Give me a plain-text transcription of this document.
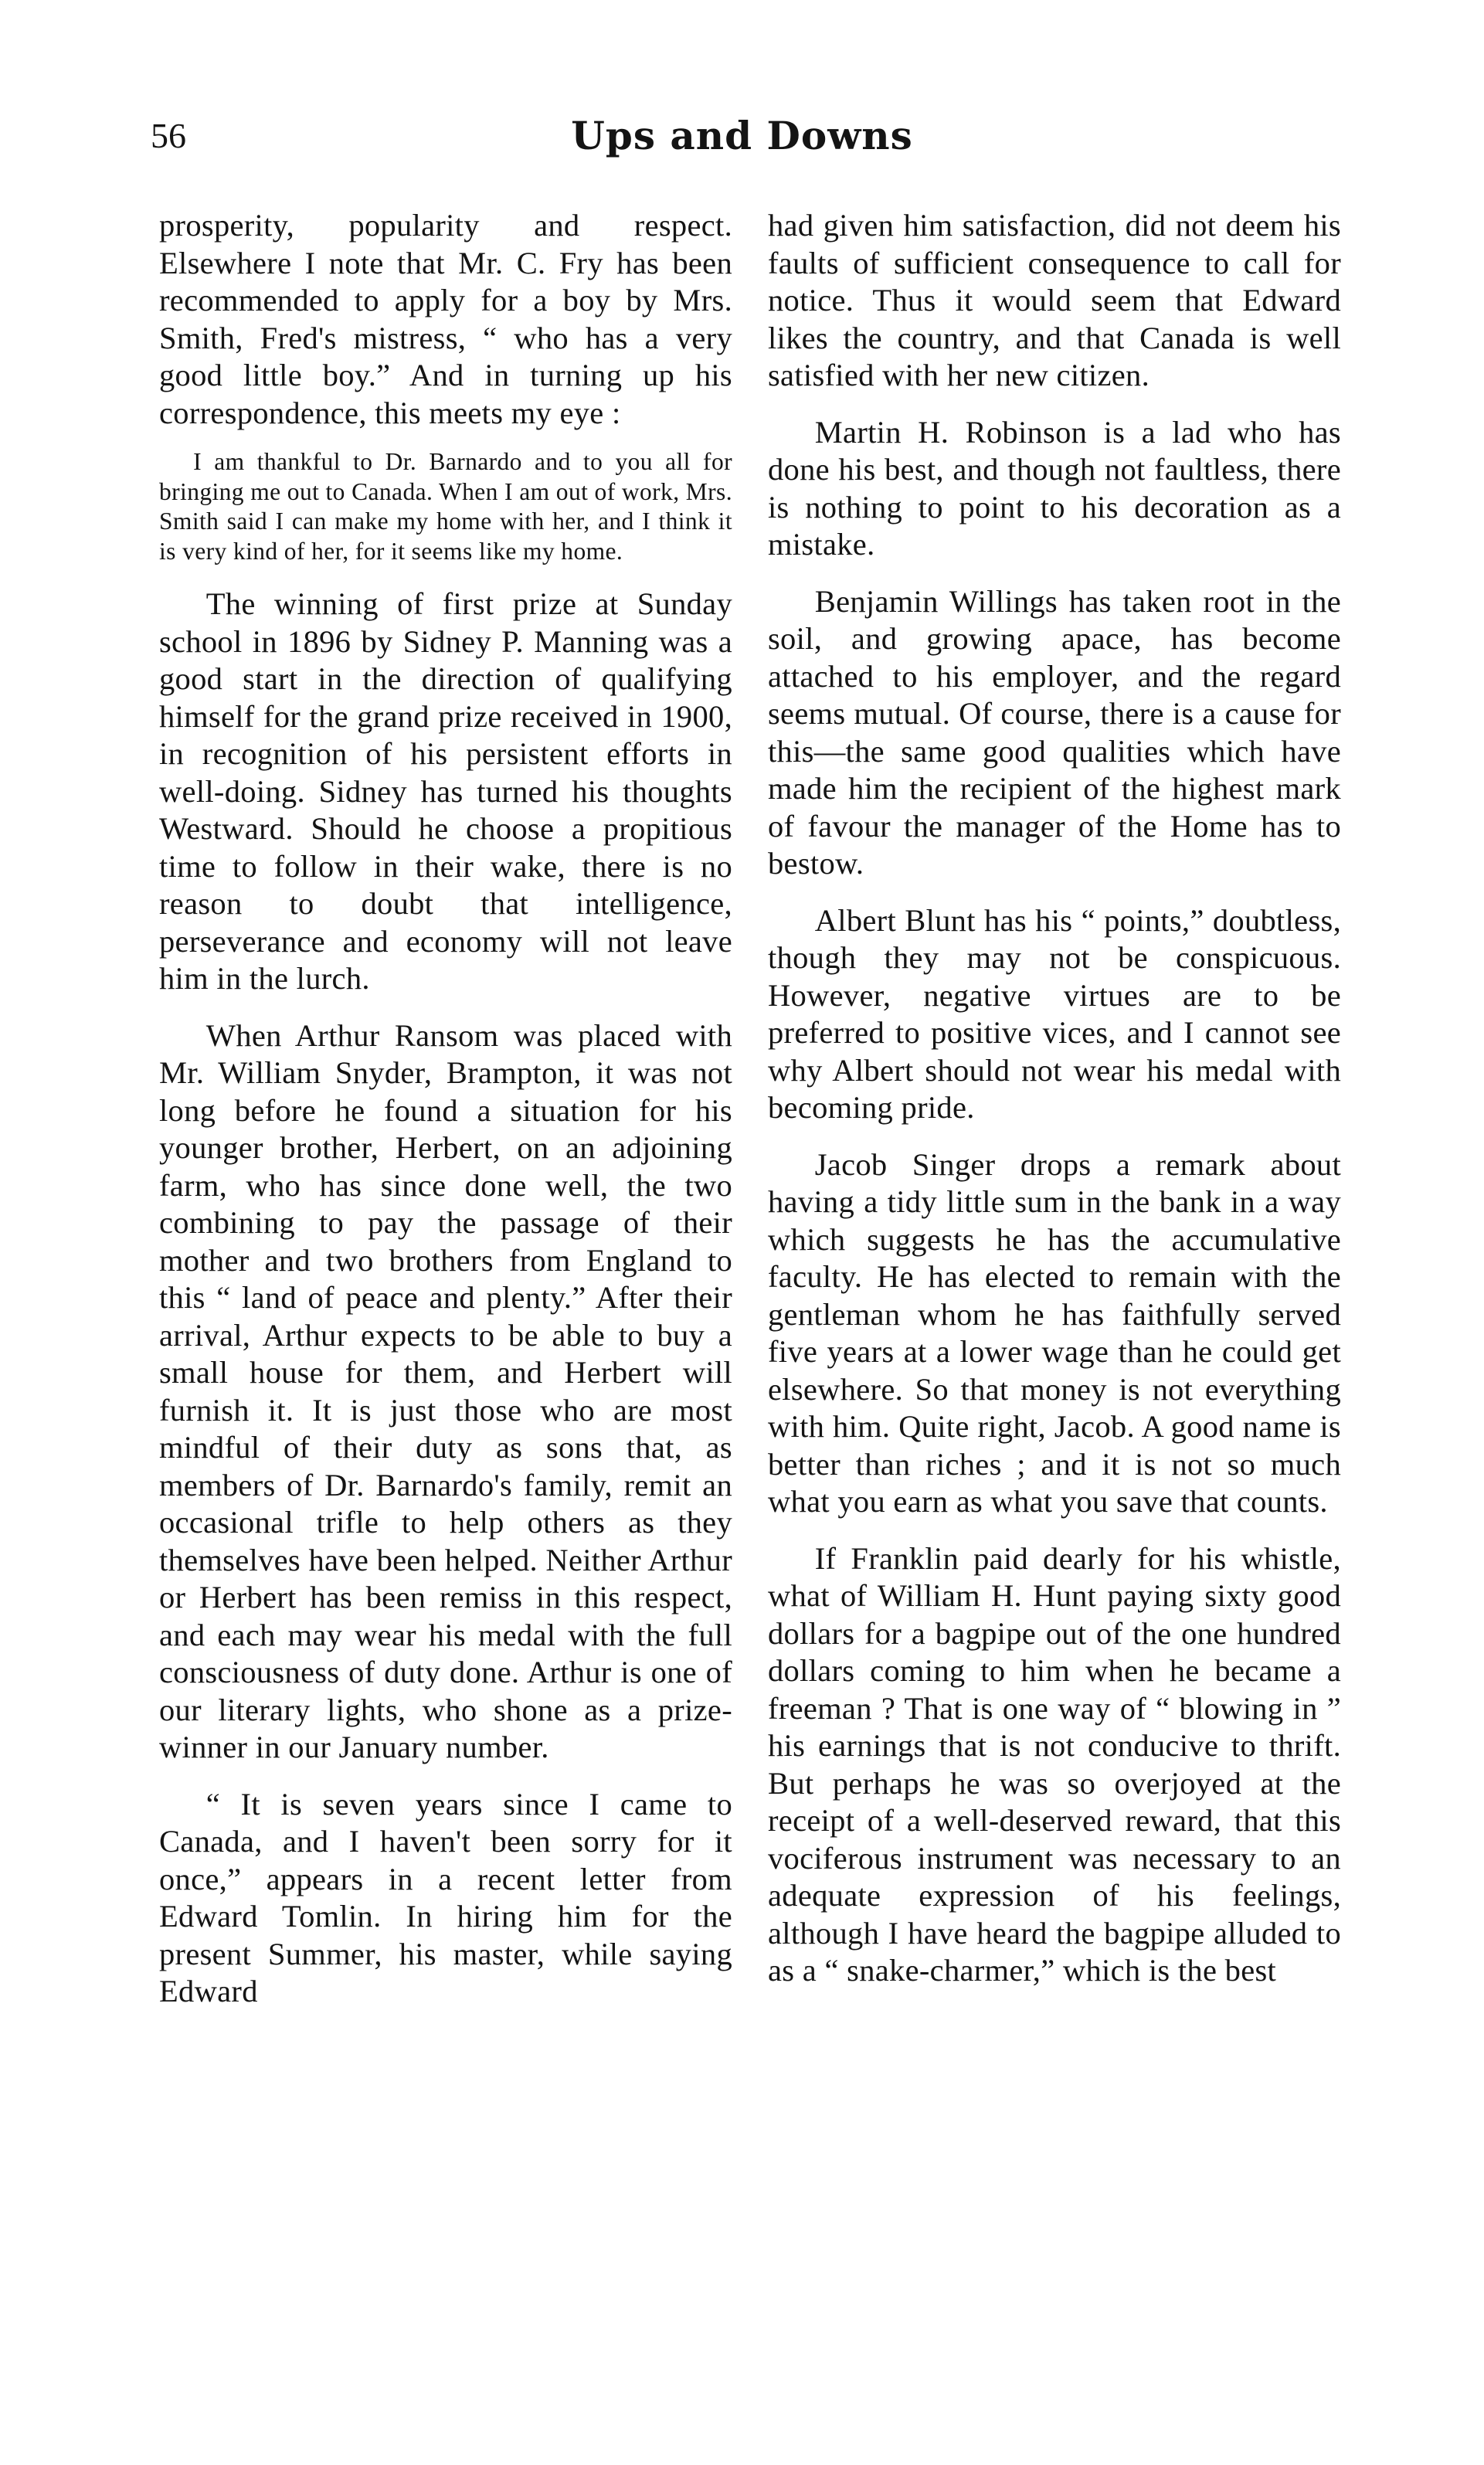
56	Ups and Downs

prosperity, popularity and respect. Elsewhere I note that Mr. C. Fry has been recommended to apply for a boy by Mrs. Smith, Fred's mistress, “ who has a very good little boy.” And in turning up his correspondence, this meets my eye :

I am thankful to Dr. Barnardo and to you all for bringing me out to Canada. When I am out of work, Mrs. Smith said I can make my home with her, and I think it is very kind of her, for it seems like my home.

The winning of first prize at Sunday school in 1896 by Sidney P. Manning was a good start in the direction of qualifying himself for the grand prize received in 1900, in recognition of his persistent efforts in well-doing. Sidney has turned his thoughts Westward. Should he choose a propitious time to follow in their wake, there is no reason to doubt that intelligence, perseverance and economy will not leave him in the lurch.

When Arthur Ransom was placed with Mr. William Snyder, Brampton, it was not long before he found a situation for his younger brother, Herbert, on an adjoining farm, who has since done well, the two combining to pay the passage of their mother and two brothers from England to this “ land of peace and plenty.” After their arrival, Arthur expects to be able to buy a small house for them, and Herbert will furnish it. It is just those who are most mindful of their duty as sons that, as members of Dr. Barnardo's family, remit an occasional trifle to help others as they themselves have been helped. Neither Arthur or Herbert has been remiss in this respect, and each may wear his medal with the full consciousness of duty done. Arthur is one of our literary lights, who shone as a prize-winner in our January number.

“ It is seven years since I came to Canada, and I haven't been sorry for it once,” appears in a recent letter from Edward Tomlin. In hiring him for the present Summer, his master, while saying Edward

had given him satisfaction, did not deem his faults of sufficient consequence to call for notice. Thus it would seem that Edward likes the country, and that Canada is well satisfied with her new citizen.

Martin H. Robinson is a lad who has done his best, and though not faultless, there is nothing to point to his decoration as a mistake.

Benjamin Willings has taken root in the soil, and growing apace, has become attached to his employer, and the regard seems mutual. Of course, there is a cause for this—the same good qualities which have made him the recipient of the highest mark of favour the manager of the Home has to bestow.

Albert Blunt has his “ points,” doubtless, though they may not be conspicuous. However, negative virtues are to be preferred to positive vices, and I cannot see why Albert should not wear his medal with becoming pride.

Jacob Singer drops a remark about having a tidy little sum in the bank in a way which suggests he has the accumulative faculty. He has elected to remain with the gentleman whom he has faithfully served five years at a lower wage than he could get elsewhere. So that money is not everything with him. Quite right, Jacob. A good name is better than riches ; and it is not so much what you earn as what you save that counts.

If Franklin paid dearly for his whistle, what of William H. Hunt paying sixty good dollars for a bagpipe out of the one hundred dollars coming to him when he became a freeman ? That is one way of “ blowing in ” his earnings that is not conducive to thrift. But perhaps he was so overjoyed at the receipt of a well-deserved reward, that this vociferous instrument was necessary to an adequate expression of his feelings, although I have heard the bagpipe alluded to as a “ snake-charmer,” which is the best
